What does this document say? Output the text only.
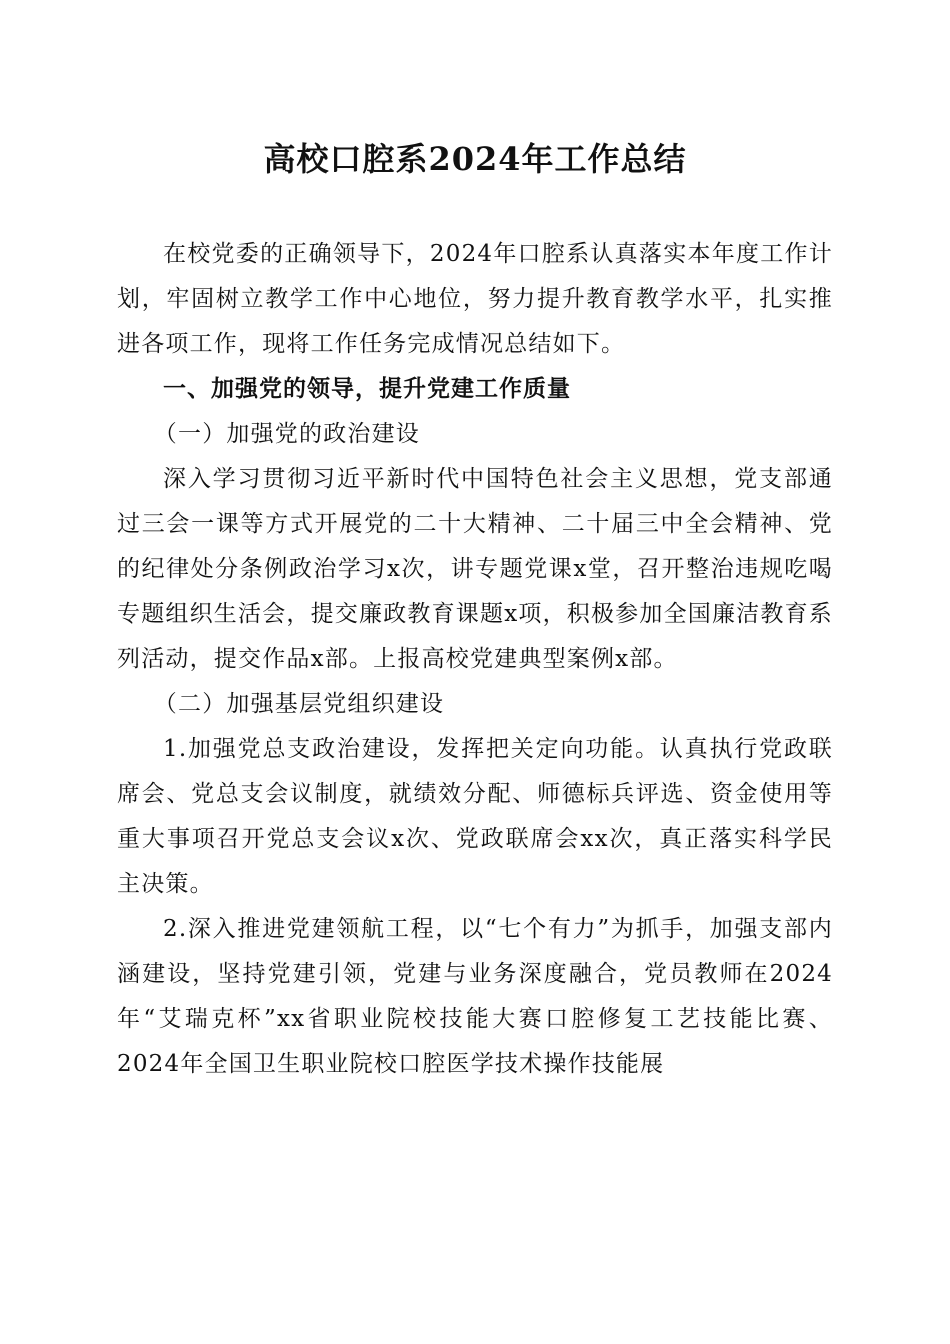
高校口腔系2024年工作总结

在校党委的正确领导下，2024年口腔系认真落实本年度工作计划，牢固树立教学工作中心地位，努力提升教育教学水平，扎实推进各项工作，现将工作任务完成情况总结如下。

一、加强党的领导，提升党建工作质量

（一）加强党的政治建设

深入学习贯彻习近平新时代中国特色社会主义思想，党支部通过三会一课等方式开展党的二十大精神、二十届三中全会精神、党的纪律处分条例政治学习x次，讲专题党课x堂，召开整治违规吃喝专题组织生活会，提交廉政教育课题x项，积极参加全国廉洁教育系列活动，提交作品x部。上报高校党建典型案例x部。

（二）加强基层党组织建设

1.加强党总支政治建设，发挥把关定向功能。认真执行党政联席会、党总支会议制度，就绩效分配、师德标兵评选、资金使用等重大事项召开党总支会议x次、党政联席会xx次，真正落实科学民主决策。

2.深入推进党建领航工程，以“七个有力”为抓手，加强支部内涵建设，坚持党建引领，党建与业务深度融合，党员教师在2024年“艾瑞克杯”xx省职业院校技能大赛口腔修复工艺技能比赛、2024年全国卫生职业院校口腔医学技术操作技能展
